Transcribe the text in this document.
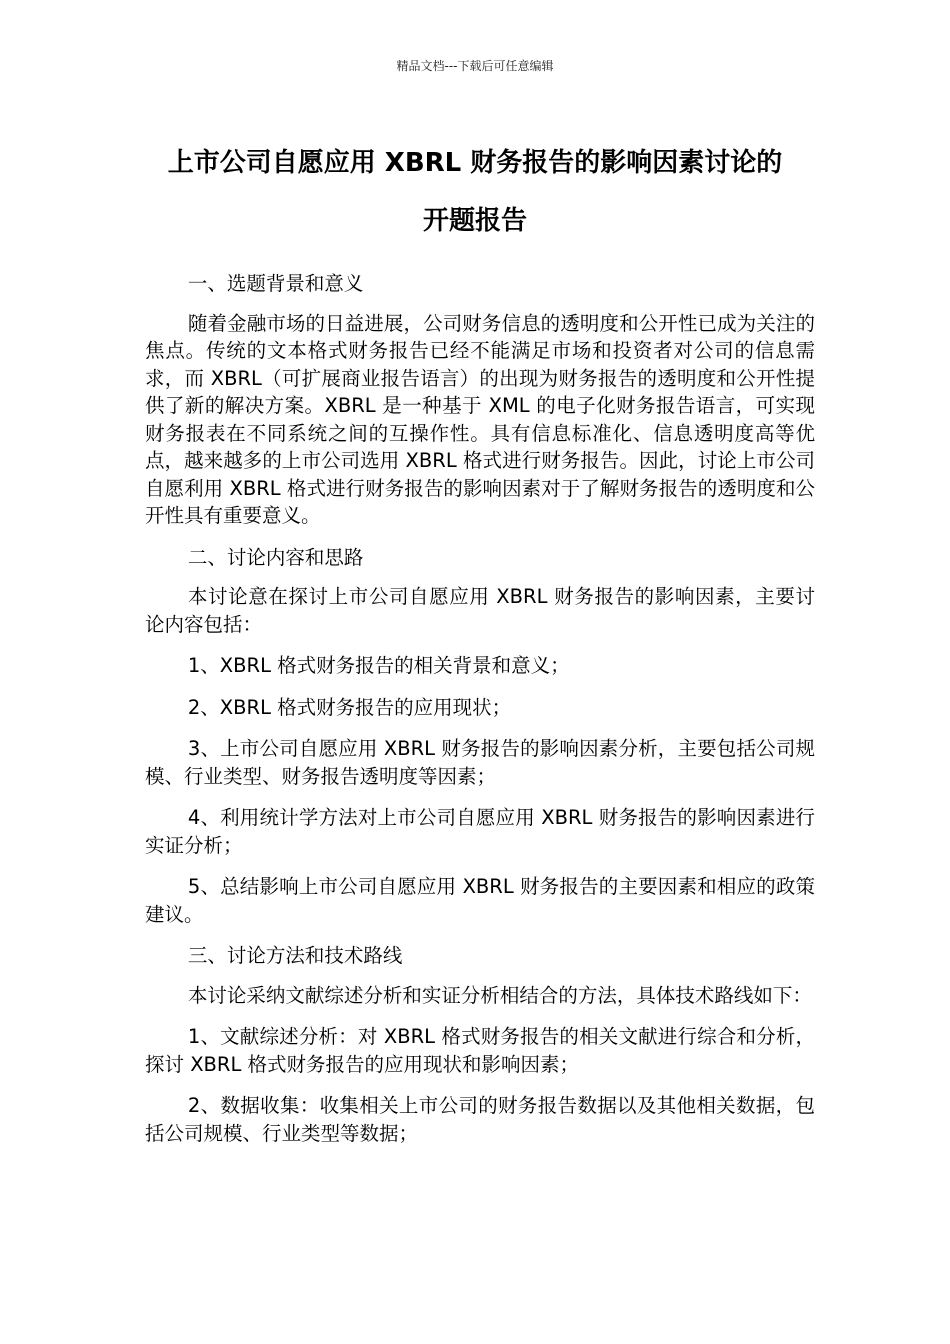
精品文档---下载后可任意编辑
上市公司自愿应用 XBRL 财务报告的影响因素讨论的
开题报告

一、选题背景和意义

随着金融市场的日益进展，公司财务信息的透明度和公开性已成为关注的焦点。传统的文本格式财务报告已经不能满足市场和投资者对公司的信息需求，而 XBRL（可扩展商业报告语言）的出现为财务报告的透明度和公开性提供了新的解决方案。XBRL 是一种基于 XML 的电子化财务报告语言，可实现财务报表在不同系统之间的互操作性。具有信息标准化、信息透明度高等优点，越来越多的上市公司选用 XBRL 格式进行财务报告。因此，讨论上市公司自愿利用 XBRL 格式进行财务报告的影响因素对于了解财务报告的透明度和公开性具有重要意义。

二、讨论内容和思路

本讨论意在探讨上市公司自愿应用 XBRL 财务报告的影响因素，主要讨论内容包括：

1、XBRL 格式财务报告的相关背景和意义；

2、XBRL 格式财务报告的应用现状；

3、上市公司自愿应用 XBRL 财务报告的影响因素分析，主要包括公司规模、行业类型、财务报告透明度等因素；

4、利用统计学方法对上市公司自愿应用 XBRL 财务报告的影响因素进行实证分析；

5、总结影响上市公司自愿应用 XBRL 财务报告的主要因素和相应的政策建议。

三、讨论方法和技术路线

本讨论采纳文献综述分析和实证分析相结合的方法，具体技术路线如下：

1、文献综述分析：对 XBRL 格式财务报告的相关文献进行综合和分析，探讨 XBRL 格式财务报告的应用现状和影响因素；

2、数据收集：收集相关上市公司的财务报告数据以及其他相关数据，包括公司规模、行业类型等数据；
